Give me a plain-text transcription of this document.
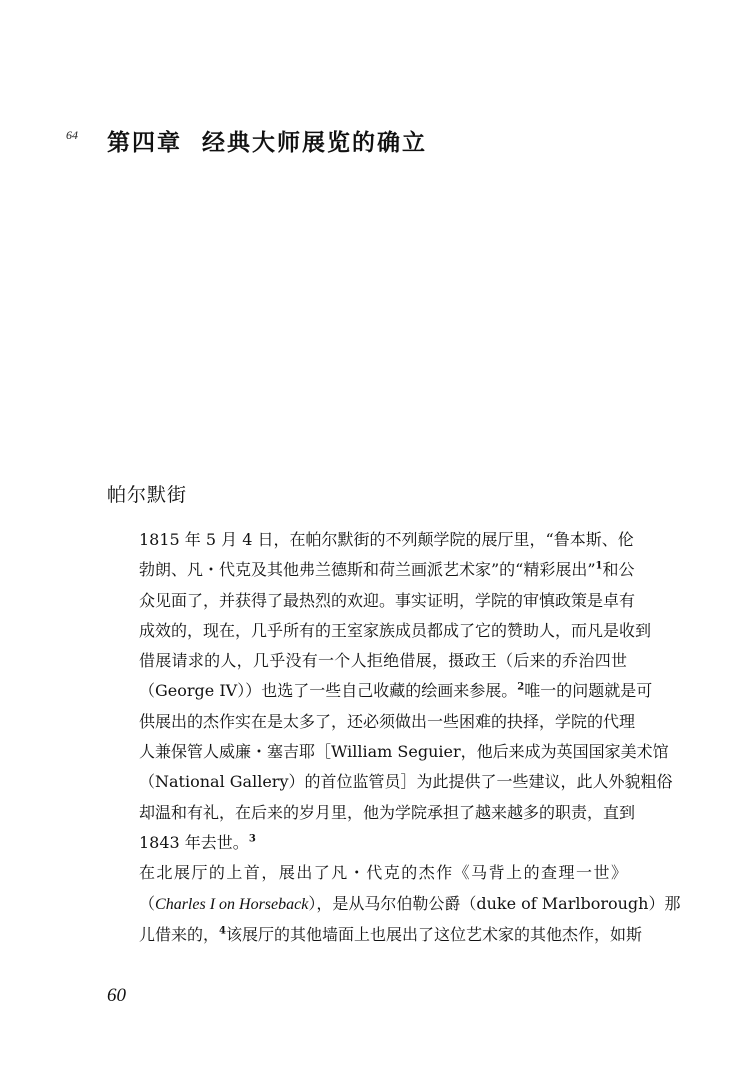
64 第四章 经典大师展览的确立
帕尔默街

1815 年 5 月 4 日，在帕尔默街的不列颠学院的展厅里，“鲁本斯、伦
勃朗、凡・代克及其他弗兰德斯和荷兰画派艺术家”的“精彩展出”$^1$和公
众见面了，并获得了最热烈的欢迎。事实证明，学院的审慎政策是卓有
成效的，现在，几乎所有的王室家族成员都成了它的赞助人，而凡是收到
借展请求的人，几乎没有一个人拒绝借展，摄政王（后来的乔治四世
（George IV））也选了一些自己收藏的绘画来参展。$^2$唯一的问题就是可
供展出的杰作实在是太多了，还必须做出一些困难的抉择，学院的代理
人兼保管人威廉・塞吉耶［William Seguier，他后来成为英国国家美术馆
（National Gallery）的首位监管员］为此提供了一些建议，此人外貌粗俗
却温和有礼，在后来的岁月里，他为学院承担了越来越多的职责，直到
1843 年去世。$^3$

在北展厅的上首，展出了凡・代克的杰作《马背上的查理一世》
（Charles I on Horseback），是从马尔伯勒公爵（duke of Marlborough）那
儿借来的，$^4$该展厅的其他墙面上也展出了这位艺术家的其他杰作，如斯

60
